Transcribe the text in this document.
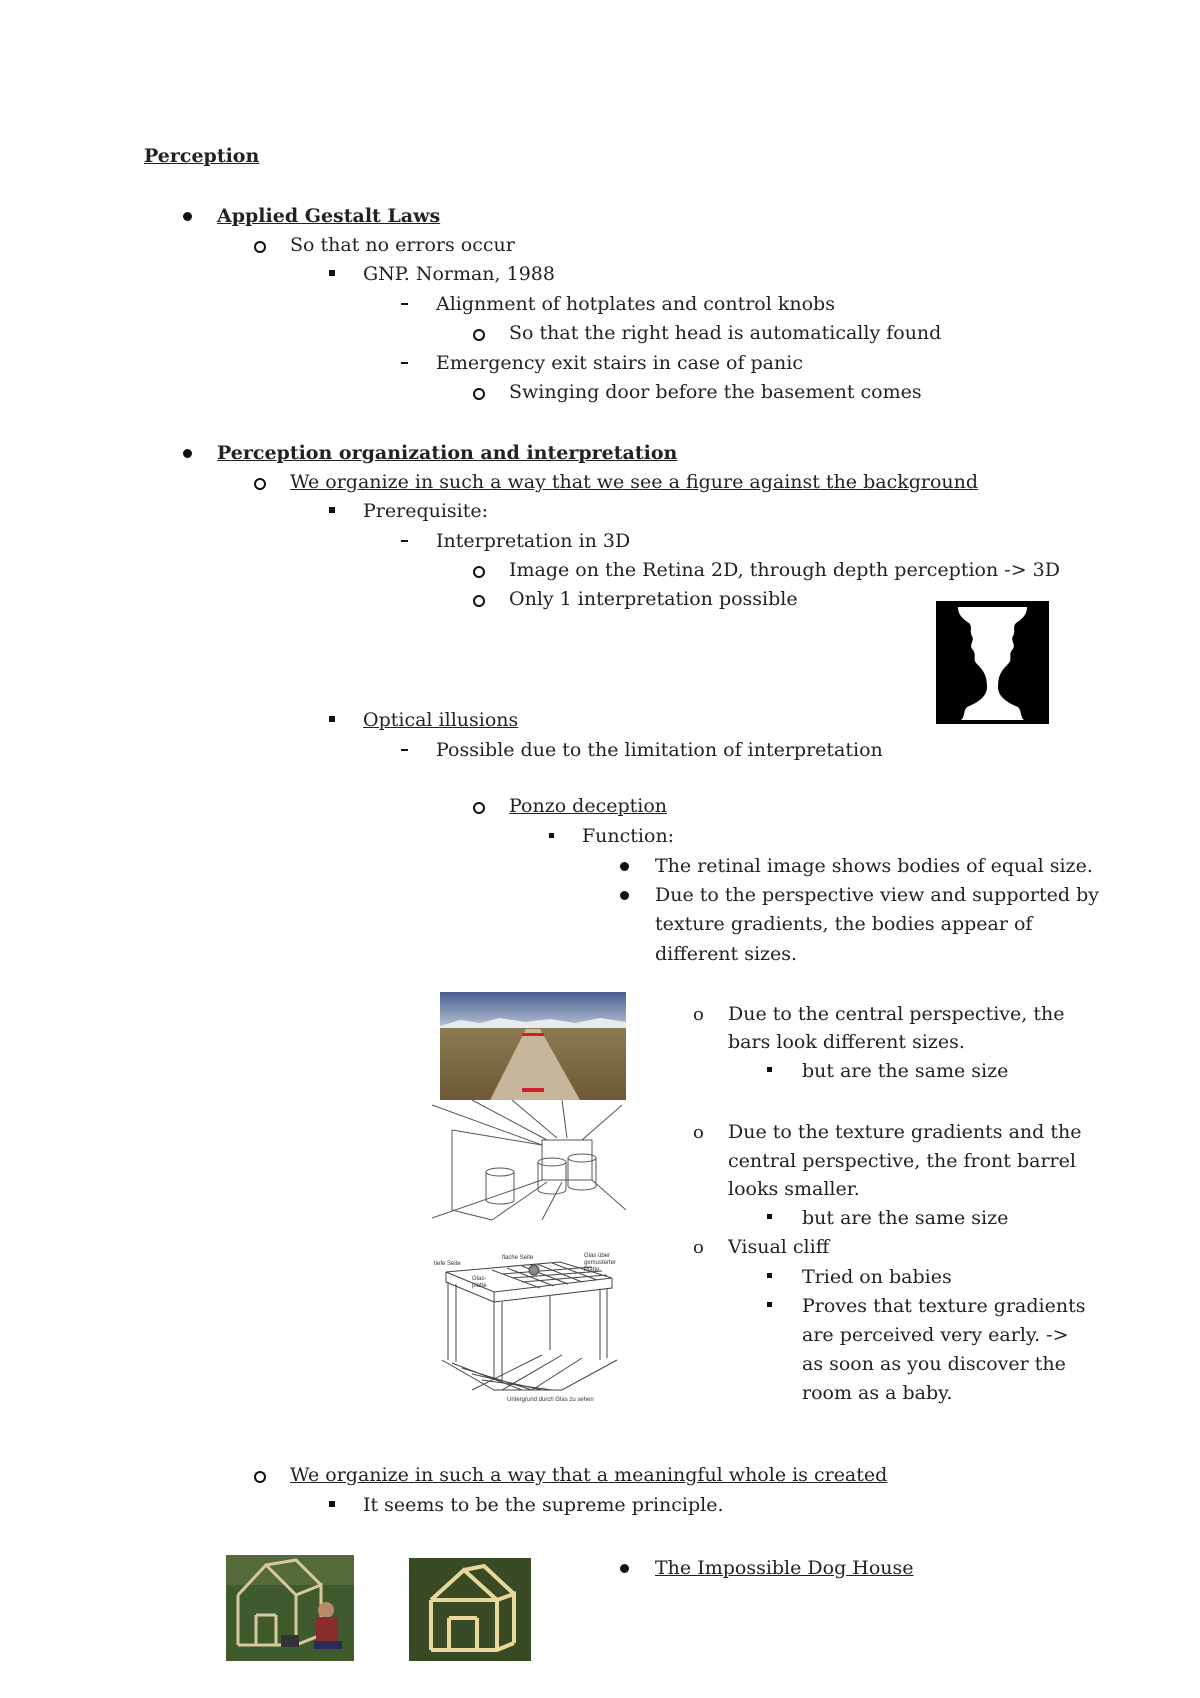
Perception
Applied Gestalt Laws
So that no errors occur
GNP. Norman, 1988
Alignment of hotplates and control knobs
So that the right head is automatically found
Emergency exit stairs in case of panic
Swinging door before the basement comes
Perception organization and interpretation
We organize in such a way that we see a figure against the background
Prerequisite:
Interpretation in 3D
Image on the Retina 2D, through depth perception -> 3D
Only 1 interpretation possible
Optical illusions
Possible due to the limitation of interpretation
Ponzo deception
Function:
The retinal image shows bodies of equal size.
Due to the perspective view and supported by
texture gradients, the bodies appear of
different sizes.
flache Seite
tiefe Seite
Glas über
gemusterter
Platte
Glas-
platte
Untergrund durch Glas zu sehen
o Due to the central perspective, the
bars look different sizes.
but are the same size
o Due to the texture gradients and the
central perspective, the front barrel
looks smaller.
but are the same size
o Visual cliff
Tried on babies
Proves that texture gradients
are perceived very early. ->
as soon as you discover the
room as a baby.
We organize in such a way that a meaningful whole is created
It seems to be the supreme principle.
The Impossible Dog House
